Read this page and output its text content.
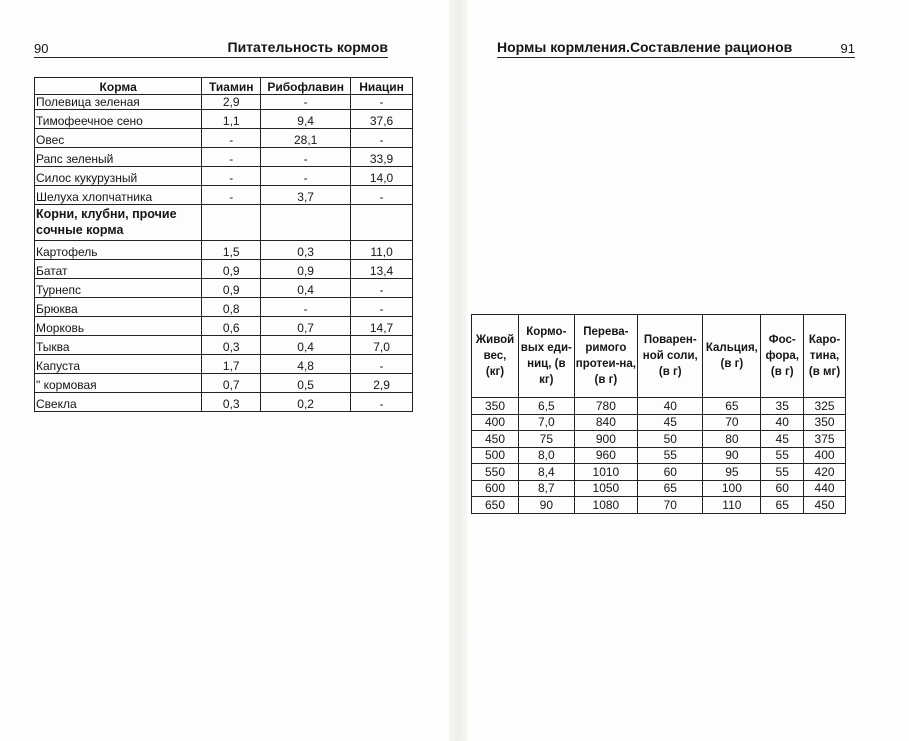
90	Питательность кормов	Нормы кормления.Составление рационов	91
Корма	Тиамин	Рибофлавин	Ниацин
Полевица зеленая	2,9	-	-
Тимофеечное сено	1,1	9,4	37,6
Овес	-	28,1	-
Рапс зеленый	-	-	33,9
Силос кукурузный	-	-	14,0
Шелуха хлопчатника	-	3,7	-
Корни, клубни, прочие сочные корма			
Картофель	1,5	0,3	11,0
Батат	0,9	0,9	13,4
Турнепс	0,9	0,4	-
Брюква	0,8	-	-
Морковь	0,6	0,7	14,7
Тыква	0,3	0,4	7,0
Капуста	1,7	4,8	-
" кормовая	0,7	0,5	2,9
Свекла	0,3	0,2	-
Живой вес, (кг)	Кормо-вых еди-ниц, (в кг)	Перева-римого протеи-на, (в г)	Поварен-ной соли, (в г)	Кальция, (в г)	Фос-фора, (в г)	Каро-тина, (в мг)
350	6,5	780	40	65	35	325
400	7,0	840	45	70	40	350
450	75	900	50	80	45	375
500	8,0	960	55	90	55	400
550	8,4	1010	60	95	55	420
600	8,7	1050	65	100	60	440
650	90	1080	70	110	65	450
